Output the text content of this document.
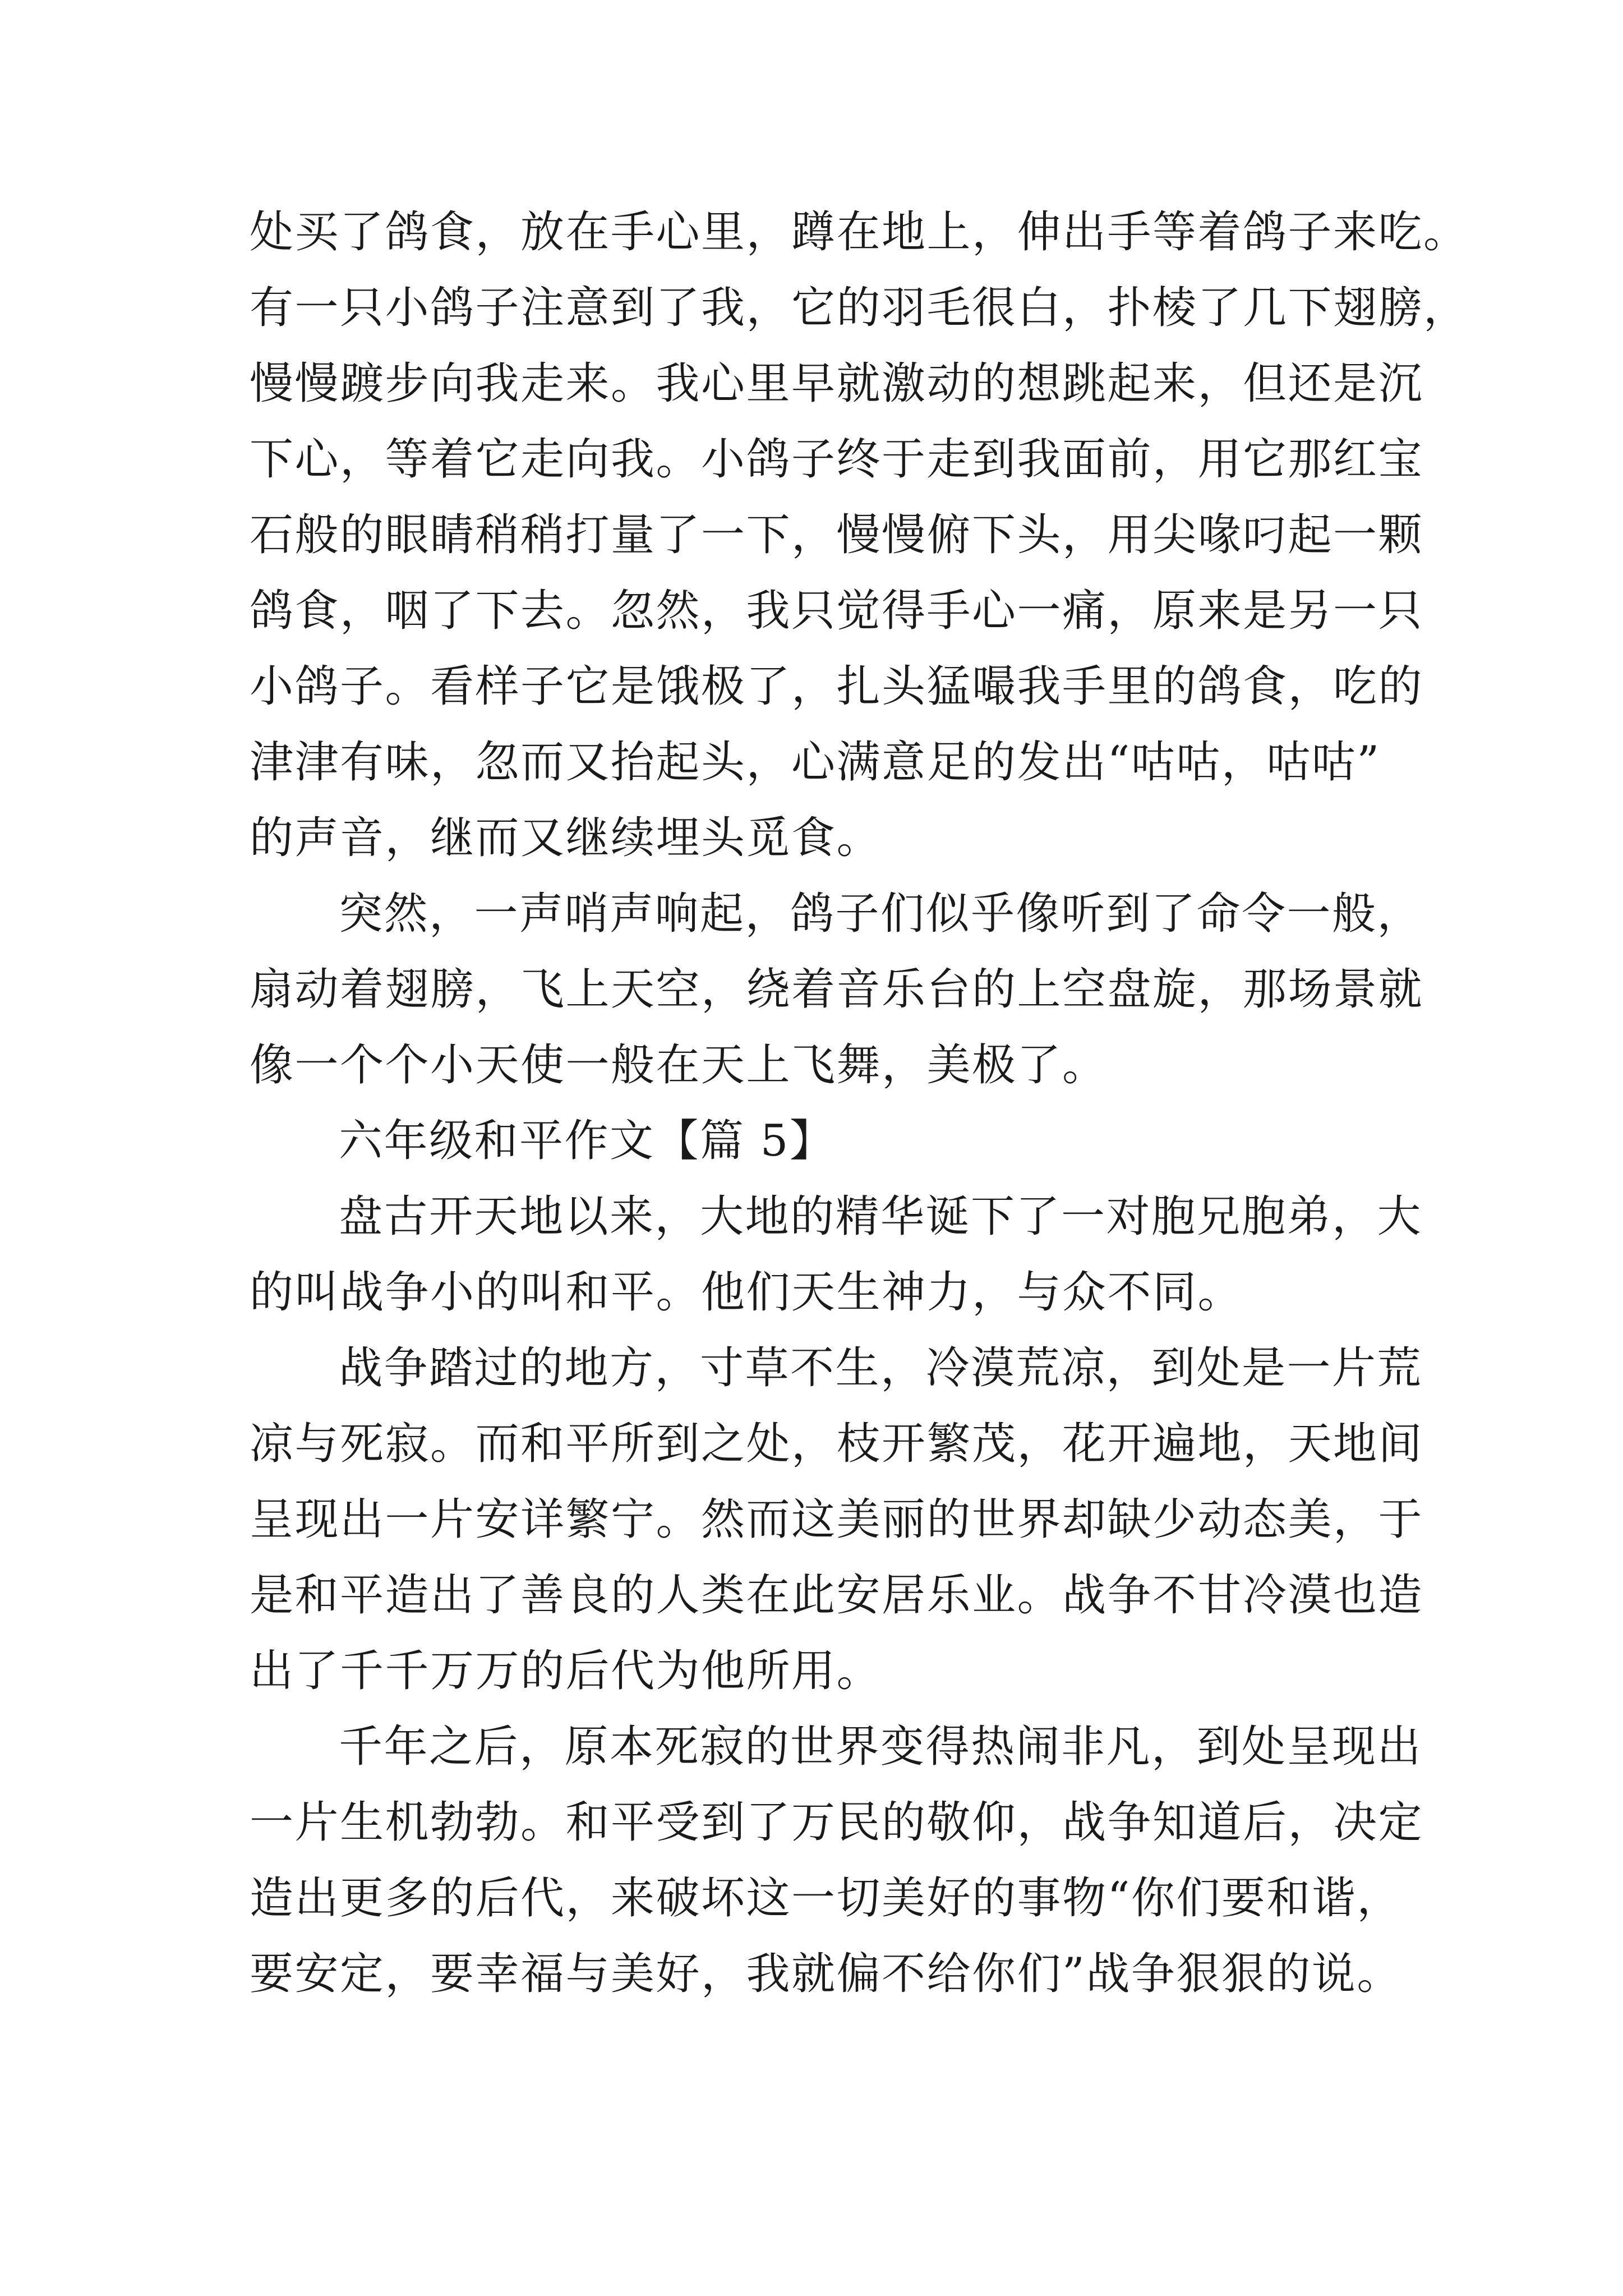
处买了鸽食，放在手心里，蹲在地上，伸出手等着鸽子来吃。
有一只小鸽子注意到了我，它的羽毛很白，扑棱了几下翅膀，
慢慢踱步向我走来。我心里早就激动的想跳起来，但还是沉
下心，等着它走向我。小鸽子终于走到我面前，用它那红宝
石般的眼睛稍稍打量了一下，慢慢俯下头，用尖喙叼起一颗
鸽食，咽了下去。忽然，我只觉得手心一痛，原来是另一只
小鸽子。看样子它是饿极了，扎头猛嘬我手里的鸽食，吃的
津津有味，忽而又抬起头，心满意足的发出“咕咕，咕咕”
的声音，继而又继续埋头觅食。
突然，一声哨声响起，鸽子们似乎像听到了命令一般，
扇动着翅膀，飞上天空，绕着音乐台的上空盘旋，那场景就
像一个个小天使一般在天上飞舞，美极了。
六年级和平作文【篇 5】
盘古开天地以来，大地的精华诞下了一对胞兄胞弟，大
的叫战争小的叫和平。他们天生神力，与众不同。
战争踏过的地方，寸草不生，冷漠荒凉，到处是一片荒
凉与死寂。而和平所到之处，枝开繁茂，花开遍地，天地间
呈现出一片安详繁宁。然而这美丽的世界却缺少动态美，于
是和平造出了善良的人类在此安居乐业。战争不甘冷漠也造
出了千千万万的后代为他所用。
千年之后，原本死寂的世界变得热闹非凡，到处呈现出
一片生机勃勃。和平受到了万民的敬仰，战争知道后，决定
造出更多的后代，来破坏这一切美好的事物“你们要和谐，
要安定，要幸福与美好，我就偏不给你们”战争狠狠的说。
